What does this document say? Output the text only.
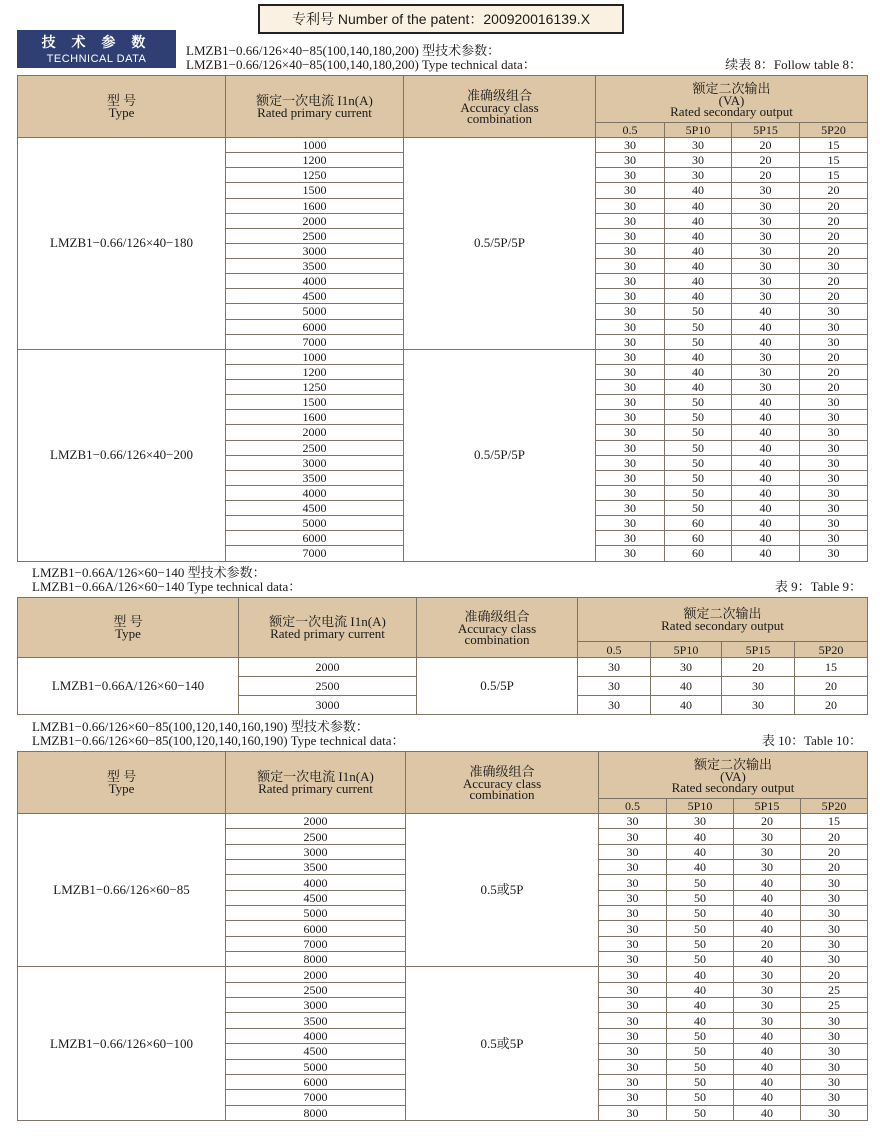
专利号 Number of the patent：200920016139.X
技 术 参 数
TECHNICAL DATA
LMZB1−0.66/126×40−85(100,140,180,200) 型技术参数：
LMZB1−0.66/126×40−85(100,140,180,200) Type technical data：	续表 8：Follow table 8：
型 号
Type	额定一次电流 I1n(A)
Rated primary current	准确级组合
Accuracy class
combination	额定二次输出
(VA)
Rated secondary output			

			0.5	5P10	5P15	5P20
LMZB1−0.66/126×40−180	1000	0.5/5P/5P	30	30	20	15
	1200		30	30	20	15
	1250		30	30	20	15
	1500		30	40	30	20
	1600		30	40	30	20
	2000		30	40	30	20
	2500		30	40	30	20
	3000		30	40	30	20
	3500		30	40	30	30
	4000		30	40	30	20
	4500		30	40	30	20
	5000		30	50	40	30
	6000		30	50	40	30
	7000		30	50	40	30
LMZB1−0.66/126×40−200	1000	0.5/5P/5P	30	40	30	20
	1200		30	40	30	20
	1250		30	40	30	20
	1500		30	50	40	30
	1600		30	50	40	30
	2000		30	50	40	30
	2500		30	50	40	30
	3000		30	50	40	30
	3500		30	50	40	30
	4000		30	50	40	30
	4500		30	50	40	30
	5000		30	60	40	30
	6000		30	60	40	30
	7000		30	60	40	30
LMZB1−0.66A/126×60−140 型技术参数：
LMZB1−0.66A/126×60−140 Type technical data：	表 9：Table 9：
型 号
Type	额定一次电流 I1n(A)
Rated primary current	准确级组合
Accuracy class
combination	额定二次输出
Rated secondary output			

			0.5	5P10	5P15	5P20
LMZB1−0.66A/126×60−140	2000	0.5/5P	30	30	20	15
	2500		30	40	30	20
	3000		30	40	30	20
LMZB1−0.66/126×60−85(100,120,140,160,190) 型技术参数：
LMZB1−0.66/126×60−85(100,120,140,160,190) Type technical data：	表 10：Table 10：
型 号
Type	额定一次电流 I1n(A)
Rated primary current	准确级组合
Accuracy class
combination	额定二次输出
(VA)
Rated secondary output			

			0.5	5P10	5P15	5P20
LMZB1−0.66/126×60−85	2000	0.5或5P	30	30	20	15
	2500		30	40	30	20
	3000		30	40	30	20
	3500		30	40	30	20
	4000		30	50	40	30
	4500		30	50	40	30
	5000		30	50	40	30
	6000		30	50	40	30
	7000		30	50	20	30
	8000		30	50	40	30
LMZB1−0.66/126×60−100	2000	0.5或5P	30	40	30	20
	2500		30	40	30	25
	3000		30	40	30	25
	3500		30	40	30	30
	4000		30	50	40	30
	4500		30	50	40	30
	5000		30	50	40	30
	6000		30	50	40	30
	7000		30	50	40	30
	8000		30	50	40	30
